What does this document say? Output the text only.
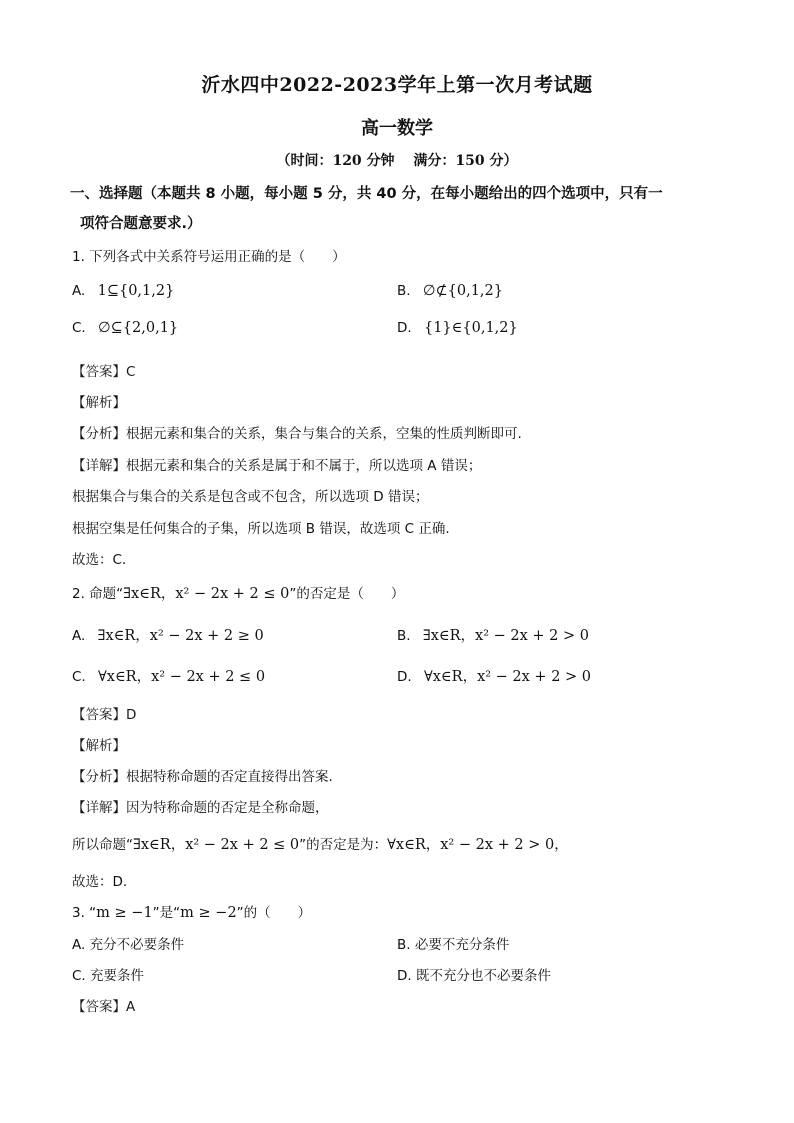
沂水四中2022-2023学年上第一次月考试题
高一数学
（时间：120 分钟　 满分：150 分）
一、选择题（本题共 8 小题，每小题 5 分，共 40 分，在每小题给出的四个选项中，只有一
项符合题意要求.）
1. 下列各式中关系符号运用正确的是（　　）
A. 1⊆{0,1,2}	B. ∅⊄{0,1,2}
C. ∅⊆{2,0,1}	D. {1}∈{0,1,2}
【答案】C
【解析】
【分析】根据元素和集合的关系，集合与集合的关系，空集的性质判断即可.
【详解】根据元素和集合的关系是属于和不属于，所以选项 A 错误；
根据集合与集合的关系是包含或不包含，所以选项 D 错误；
根据空集是任何集合的子集，所以选项 B 错误，故选项 C 正确.
故选：C.
2. 命题“∃x∈R，x² − 2x + 2 ≤ 0”的否定是（　　）
A. ∃x∈R，x² − 2x + 2 ≥ 0	B. ∃x∈R，x² − 2x + 2 > 0
C. ∀x∈R，x² − 2x + 2 ≤ 0	D. ∀x∈R，x² − 2x + 2 > 0
【答案】D
【解析】
【分析】根据特称命题的否定直接得出答案.
【详解】因为特称命题的否定是全称命题，
所以命题“∃x∈R，x² − 2x + 2 ≤ 0”的否定是为：∀x∈R，x² − 2x + 2 > 0，
故选：D.
3. “m ≥ −1”是“m ≥ −2”的（　　）
A. 充分不必要条件	B. 必要不充分条件
C. 充要条件	D. 既不充分也不必要条件
【答案】A
